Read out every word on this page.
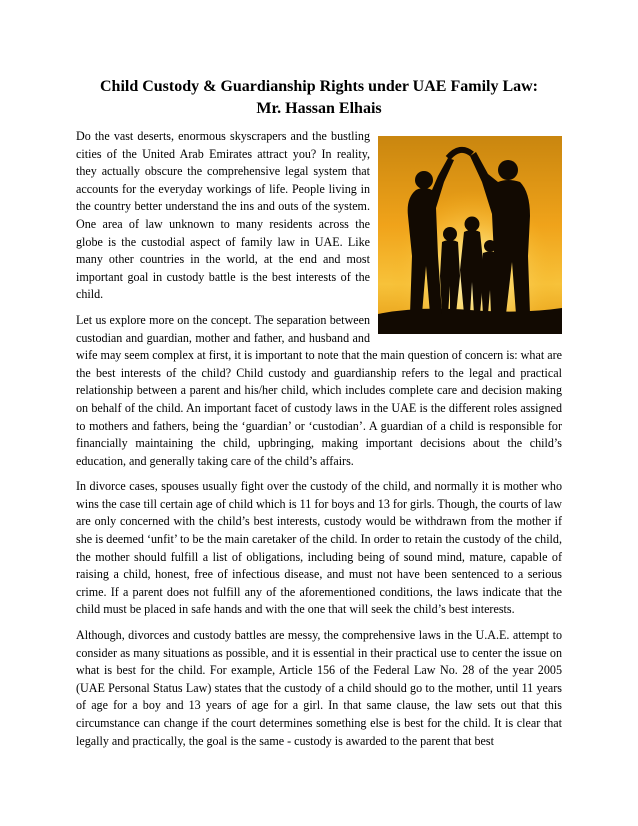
Child Custody & Guardianship Rights under UAE Family Law:
Mr. Hassan Elhais

Do the vast deserts, enormous skyscrapers and the bustling cities of the United Arab Emirates attract you? In reality, they actually obscure the comprehensive legal system that accounts for the everyday workings of life. People living in the country better understand the ins and outs of the system. One area of law unknown to many residents across the globe is the custodial aspect of family law in UAE. Like many other countries in the world, at the end and most important goal in custody battle is the best interests of the child.

Let us explore more on the concept. The separation between custodian and guardian, mother and father, and husband and wife may seem complex at first, it is important to note that the main question of concern is: what are the best interests of the child? Child custody and guardianship refers to the legal and practical relationship between a parent and his/her child, which includes complete care and decision making on behalf of the child. An important facet of custody laws in the UAE is the different roles assigned to mothers and fathers, being the ‘guardian’ or ‘custodian’. A guardian of a child is responsible for financially maintaining the child, upbringing, making important decisions about the child’s education, and generally taking care of the child’s affairs.

In divorce cases, spouses usually fight over the custody of the child, and normally it is mother who wins the case till certain age of child which is 11 for boys and 13 for girls. Though, the courts of law are only concerned with the child’s best interests, custody would be withdrawn from the mother if she is deemed ‘unfit’ to be the main caretaker of the child. In order to retain the custody of the child, the mother should fulfill a list of obligations, including being of sound mind, mature, capable of raising a child, honest, free of infectious disease, and must not have been sentenced to a serious crime. If a parent does not fulfill any of the aforementioned conditions, the laws indicate that the child must be placed in safe hands and with the one that will seek the child’s best interests.

Although, divorces and custody battles are messy, the comprehensive laws in the U.A.E. attempt to consider as many situations as possible, and it is essential in their practical use to center the issue on what is best for the child. For example, Article 156 of the Federal Law No. 28 of the year 2005 (UAE Personal Status Law) states that the custody of a child should go to the mother, until 11 years of age for a boy and 13 years of age for a girl. In that same clause, the law sets out that this circumstance can change if the court determines something else is best for the child. It is clear that legally and practically, the goal is the same - custody is awarded to the parent that best
